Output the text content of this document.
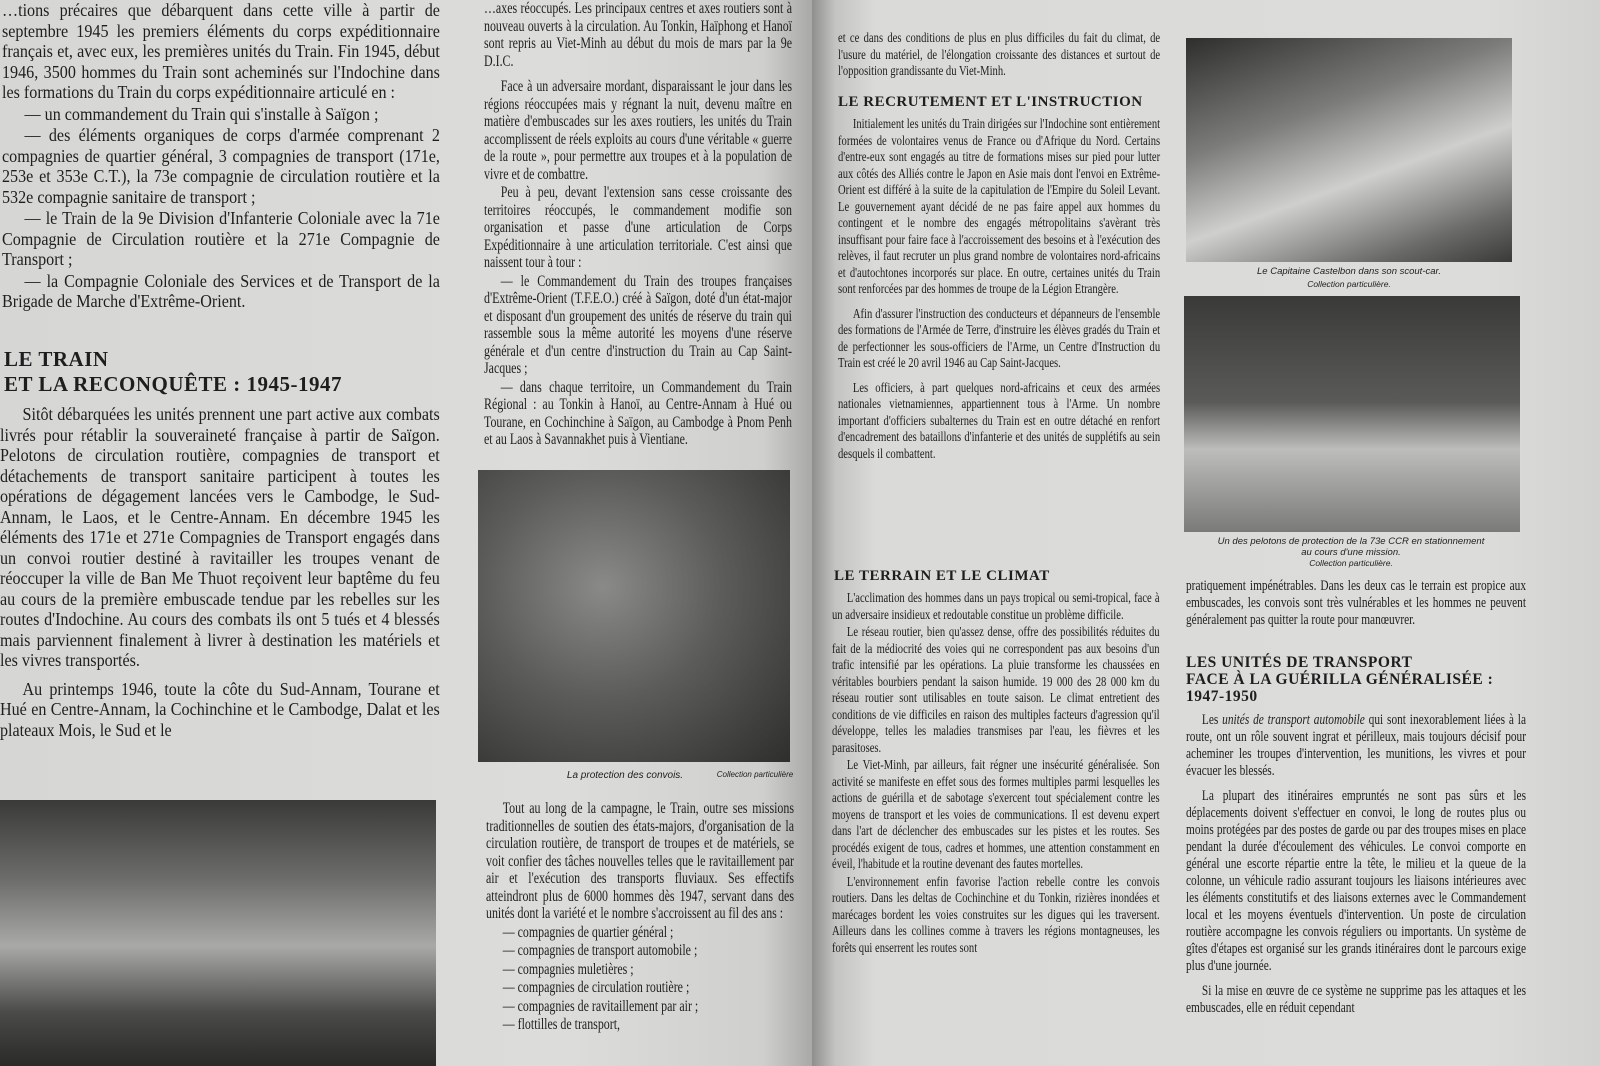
…tions précaires que débarquent dans cette ville à partir de septembre 1945 les premiers éléments du corps expéditionnaire français et, avec eux, les premières unités du Train. Fin 1945, début 1946, 3500 hommes du Train sont acheminés sur l'Indochine dans les formations du Train du corps expéditionnaire articulé en :

— un commandement du Train qui s'installe à Saïgon ;

— des éléments organiques de corps d'armée comprenant 2 compagnies de quartier général, 3 compagnies de transport (171e, 253e et 353e C.T.), la 73e compagnie de circulation routière et la 532e compagnie sanitaire de transport ;

— le Train de la 9e Division d'Infanterie Coloniale avec la 71e Compagnie de Circulation routière et la 271e Compagnie de Transport ;

— la Compagnie Coloniale des Services et de Transport de la Brigade de Marche d'Extrême-Orient.

LE TRAIN
ET LA RECONQUÊTE : 1945-1947

Sitôt débarquées les unités prennent une part active aux combats livrés pour rétablir la souveraineté française à partir de Saïgon. Pelotons de circulation routière, compagnies de transport et détachements de transport sanitaire participent à toutes les opérations de dégagement lancées vers le Cambodge, le Sud-Annam, le Laos, et le Centre-Annam. En décembre 1945 les éléments des 171e et 271e Compagnies de Transport engagés dans un convoi routier destiné à ravitailler les troupes venant de réoccuper la ville de Ban Me Thuot reçoivent leur baptême du feu au cours de la première embuscade tendue par les rebelles sur les routes d'Indochine. Au cours des combats ils ont 5 tués et 4 blessés mais parviennent finalement à livrer à destination les matériels et les vivres transportés.

Au printemps 1946, toute la côte du Sud-Annam, Tourane et Hué en Centre-Annam, la Cochinchine et le Cambodge, Dalat et les plateaux Mois, le Sud et le

…axes réoccupés. Les principaux centres et axes routiers sont à nouveau ouverts à la circulation. Au Tonkin, Haïphong et Hanoï sont repris au Viet-Minh au début du mois de mars par la 9e D.I.C.

Face à un adversaire mordant, disparaissant le jour dans les régions réoccupées mais y régnant la nuit, devenu maître en matière d'embuscades sur les axes routiers, les unités du Train accomplissent de réels exploits au cours d'une véritable « guerre de la route », pour permettre aux troupes et à la population de vivre et de combattre.

Peu à peu, devant l'extension sans cesse croissante des territoires réoccupés, le commandement modifie son organisation et passe d'une articulation de Corps Expéditionnaire à une articulation territoriale. C'est ainsi que naissent tour à tour :

— le Commandement du Train des troupes françaises d'Extrême-Orient (T.F.E.O.) créé à Saïgon, doté d'un état-major et disposant d'un groupement des unités de réserve du train qui rassemble sous la même autorité les moyens d'une réserve générale et d'un centre d'instruction du Train au Cap Saint-Jacques ;

— dans chaque territoire, un Commandement du Train Régional : au Tonkin à Hanoï, au Centre-Annam à Hué ou Tourane, en Cochinchine à Saïgon, au Cambodge à Pnom Penh et au Laos à Savannakhet puis à Vientiane.

La protection des convois.	Collection particulière

Tout au long de la campagne, le Train, outre ses missions traditionnelles de soutien des états-majors, d'organisation de la circulation routière, de transport de troupes et de matériels, se voit confier des tâches nouvelles telles que le ravitaillement par air et l'exécution des transports fluviaux. Ses effectifs atteindront plus de 6000 hommes dès 1947, servant dans des unités dont la variété et le nombre s'accroissent au fil des ans :

— compagnies de quartier général ;

— compagnies de transport automobile ;

— compagnies muletières ;

— compagnies de circulation routière ;

— compagnies de ravitaillement par air ;

— flottilles de transport,

et ce dans des conditions de plus en plus difficiles du fait du climat, de l'usure du matériel, de l'élongation croissante des distances et surtout de l'opposition grandissante du Viet-Minh.

LE RECRUTEMENT ET L'INSTRUCTION

Initialement les unités du Train dirigées sur l'Indochine sont entièrement formées de volontaires venus de France ou d'Afrique du Nord. Certains d'entre-eux sont engagés au titre de formations mises sur pied pour lutter aux côtés des Alliés contre le Japon en Asie mais dont l'envoi en Extrême-Orient est différé à la suite de la capitulation de l'Empire du Soleil Levant. Le gouvernement ayant décidé de ne pas faire appel aux hommes du contingent et le nombre des engagés métropolitains s'avèrant très insuffisant pour faire face à l'accroissement des besoins et à l'exécution des relèves, il faut recruter un plus grand nombre de volontaires nord-africains et d'autochtones incorporés sur place. En outre, certaines unités du Train sont renforcées par des hommes de troupe de la Légion Etrangère.

Afin d'assurer l'instruction des conducteurs et dépanneurs de l'ensemble des formations de l'Armée de Terre, d'instruire les élèves gradés du Train et de perfectionner les sous-officiers de l'Arme, un Centre d'Instruction du Train est créé le 20 avril 1946 au Cap Saint-Jacques.

Les officiers, à part quelques nord-africains et ceux des armées nationales vietnamiennes, appartiennent tous à l'Arme. Un nombre important d'officiers subalternes du Train est en outre détaché en renfort d'encadrement des bataillons d'infanterie et des unités de supplétifs au sein desquels il combattent.

LE TERRAIN ET LE CLIMAT

L'acclimation des hommes dans un pays tropical ou semi-tropical, face à un adversaire insidieux et redoutable constitue un problème difficile.

Le réseau routier, bien qu'assez dense, offre des possibilités réduites du fait de la médiocrité des voies qui ne correspondent pas aux besoins d'un trafic intensifié par les opérations. La pluie transforme les chaussées en véritables bourbiers pendant la saison humide. 19 000 des 28 000 km du réseau routier sont utilisables en toute saison. Le climat entretient des conditions de vie difficiles en raison des multiples facteurs d'agression qu'il développe, telles les maladies transmises par l'eau, les fièvres et les parasitoses.

Le Viet-Minh, par ailleurs, fait régner une insécurité généralisée. Son activité se manifeste en effet sous des formes multiples parmi lesquelles les actions de guérilla et de sabotage s'exercent tout spécialement contre les moyens de transport et les voies de communications. Il est devenu expert dans l'art de déclencher des embuscades sur les pistes et les routes. Ses procédés exigent de tous, cadres et hommes, une attention constamment en éveil, l'habitude et la routine devenant des fautes mortelles.

L'environnement enfin favorise l'action rebelle contre les convois routiers. Dans les deltas de Cochinchine et du Tonkin, rizières inondées et marécages bordent les voies construites sur les digues qui les traversent. Ailleurs dans les collines comme à travers les régions montagneuses, les forêts qui enserrent les routes sont

Le Capitaine Castelbon dans son scout-car.
Collection particulière.
Un des pelotons de protection de la 73e CCR en stationnement
au cours d'une mission.
Collection particulière.

pratiquement impénétrables. Dans les deux cas le terrain est propice aux embuscades, les convois sont très vulnérables et les hommes ne peuvent généralement pas quitter la route pour manœuvrer.

LES UNITÉS DE TRANSPORT
FACE À LA GUÉRILLA GÉNÉRALISÉE :
1947-1950

Les unités de transport automobile qui sont inexorablement liées à la route, ont un rôle souvent ingrat et périlleux, mais toujours décisif pour acheminer les troupes d'intervention, les munitions, les vivres et pour évacuer les blessés.

La plupart des itinéraires empruntés ne sont pas sûrs et les déplacements doivent s'effectuer en convoi, le long de routes plus ou moins protégées par des postes de garde ou par des troupes mises en place pendant la durée d'écoulement des véhicules. Le convoi comporte en général une escorte répartie entre la tête, le milieu et la queue de la colonne, un véhicule radio assurant toujours les liaisons intérieures avec les éléments constitutifs et des liaisons externes avec le Commandement local et les moyens éventuels d'intervention. Un poste de circulation routière accompagne les convois réguliers ou importants. Un système de gîtes d'étapes est organisé sur les grands itinéraires dont le parcours exige plus d'une journée.

Si la mise en œuvre de ce système ne supprime pas les attaques et les embuscades, elle en réduit cependant
